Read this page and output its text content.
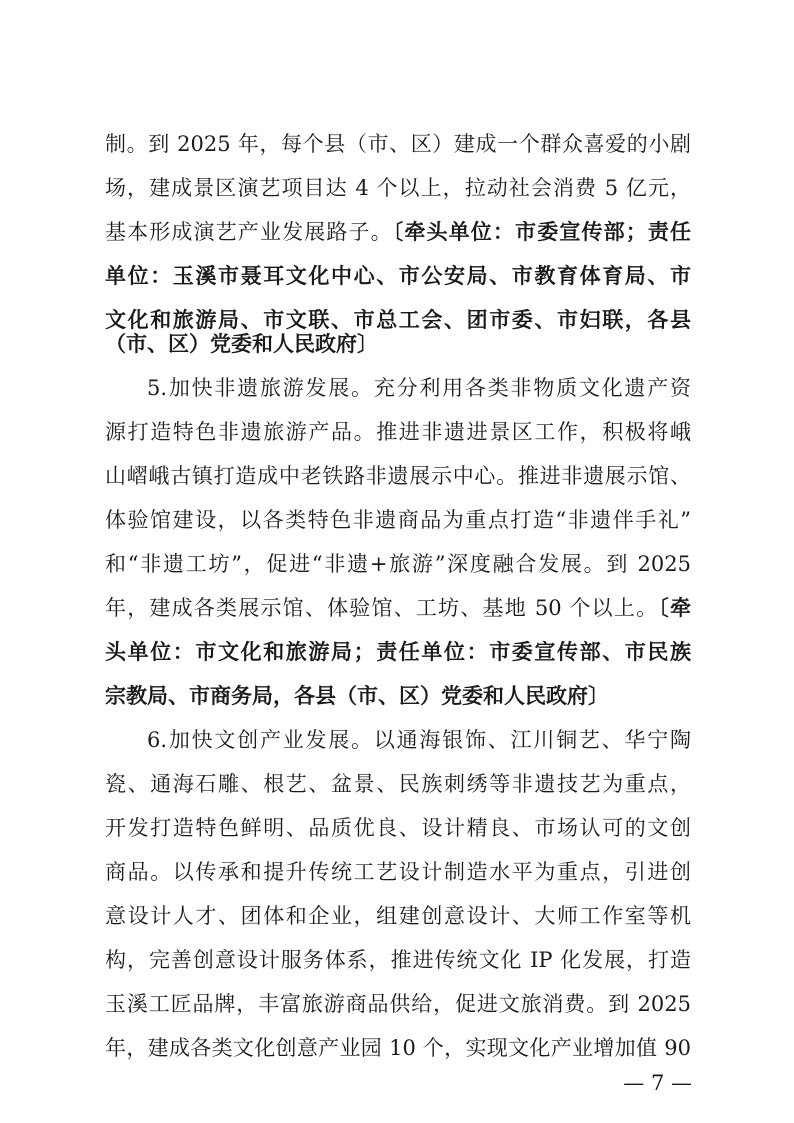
制。到 2025 年，每个县（市、区）建成一个群众喜爱的小剧
场，建成景区演艺项目达 4 个以上，拉动社会消费 5 亿元，
基本形成演艺产业发展路子。〔牵头单位：市委宣传部；责任
单位：玉溪市聂耳文化中心、市公安局、市教育体育局、市
文化和旅游局、市文联、市总工会、团市委、市妇联，各县
（市、区）党委和人民政府〕
5.加快非遗旅游发展。充分利用各类非物质文化遗产资
源打造特色非遗旅游产品。推进非遗进景区工作，积极将峨
山嶍峨古镇打造成中老铁路非遗展示中心。推进非遗展示馆、
体验馆建设，以各类特色非遗商品为重点打造“非遗伴手礼”
和“非遗工坊”，促进“非遗+旅游”深度融合发展。到 2025
年，建成各类展示馆、体验馆、工坊、基地 50 个以上。〔牵
头单位：市文化和旅游局；责任单位：市委宣传部、市民族
宗教局、市商务局，各县（市、区）党委和人民政府〕
6.加快文创产业发展。以通海银饰、江川铜艺、华宁陶
瓷、通海石雕、根艺、盆景、民族刺绣等非遗技艺为重点，
开发打造特色鲜明、品质优良、设计精良、市场认可的文创
商品。以传承和提升传统工艺设计制造水平为重点，引进创
意设计人才、团体和企业，组建创意设计、大师工作室等机
构，完善创意设计服务体系，推进传统文化 IP 化发展，打造
玉溪工匠品牌，丰富旅游商品供给，促进文旅消费。到 2025
年，建成各类文化创意产业园 10 个，实现文化产业增加值 90
— 7 —
